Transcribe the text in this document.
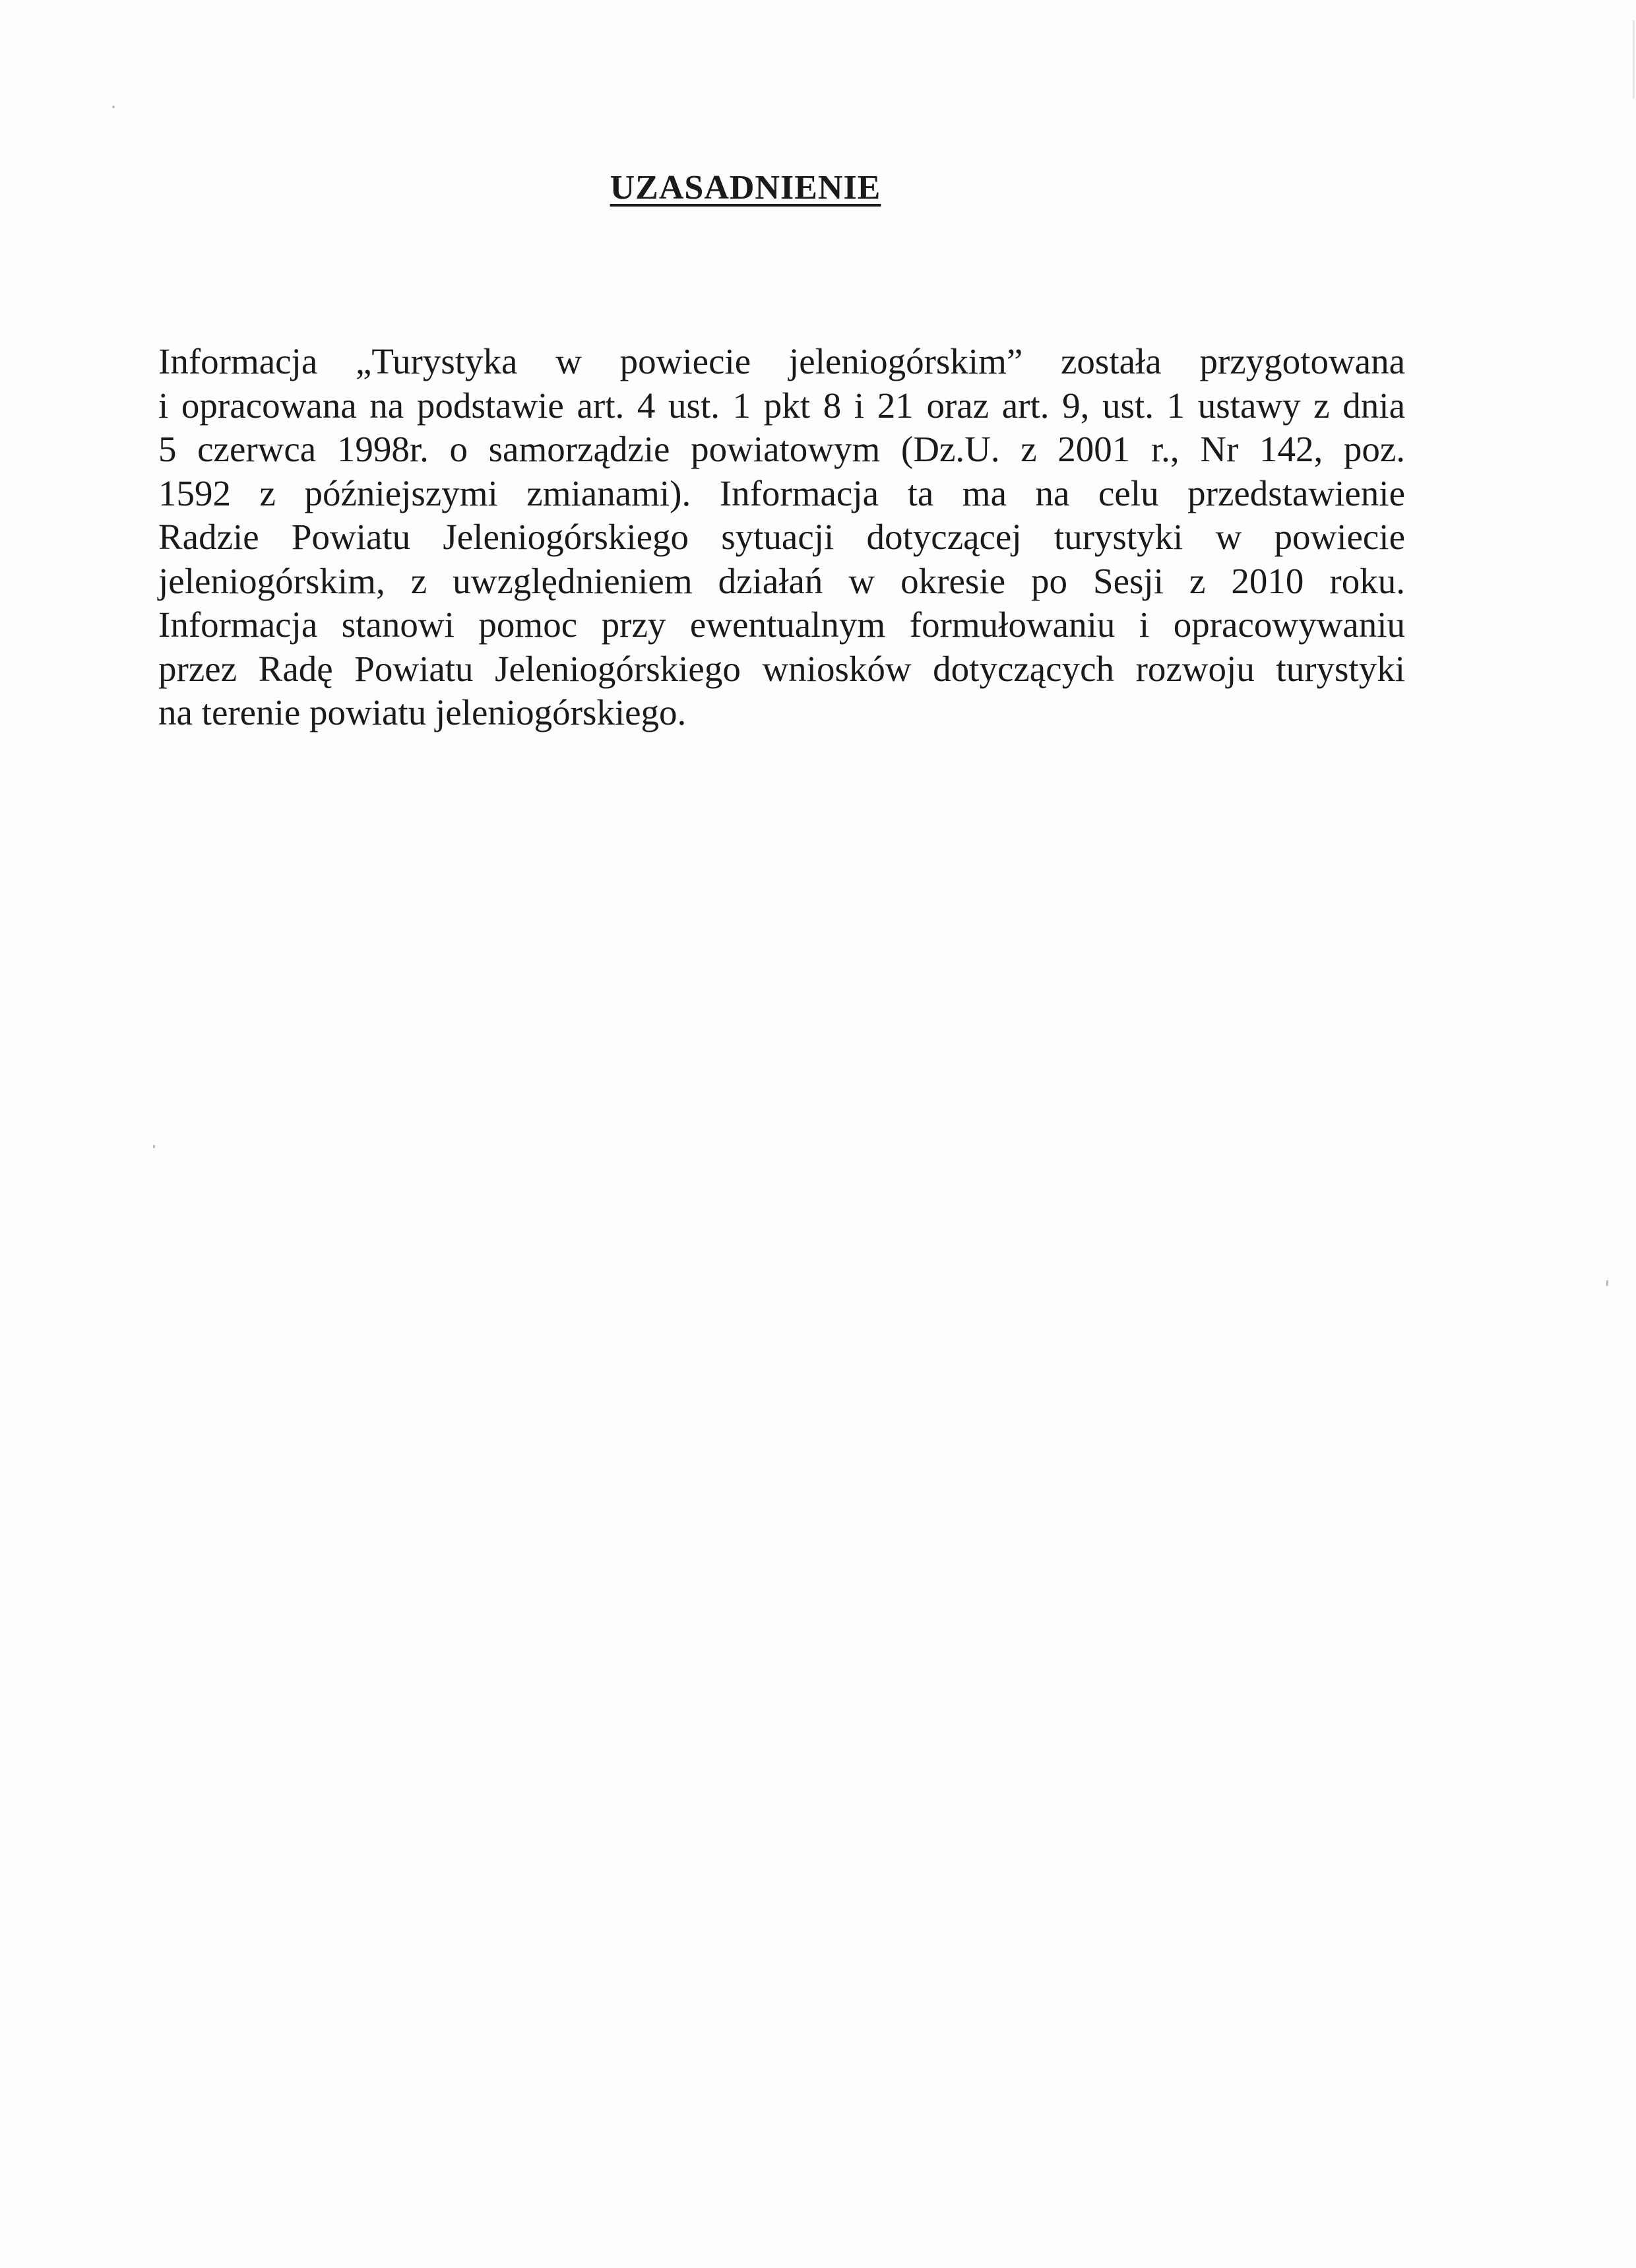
UZASADNIENIE

Informacja „Turystyka w powiecie jeleniogórskim” została przygotowana
i opracowana na podstawie art. 4 ust. 1 pkt 8 i 21 oraz art. 9, ust. 1 ustawy z dnia
5 czerwca 1998r. o samorządzie powiatowym (Dz.U. z 2001 r., Nr 142, poz.
1592 z późniejszymi zmianami). Informacja ta ma na celu przedstawienie
Radzie Powiatu Jeleniogórskiego sytuacji dotyczącej turystyki w powiecie
jeleniogórskim, z uwzględnieniem działań w okresie po Sesji z 2010 roku.
Informacja stanowi pomoc przy ewentualnym formułowaniu i opracowywaniu
przez Radę Powiatu Jeleniogórskiego wniosków dotyczących rozwoju turystyki
na terenie powiatu jeleniogórskiego.
